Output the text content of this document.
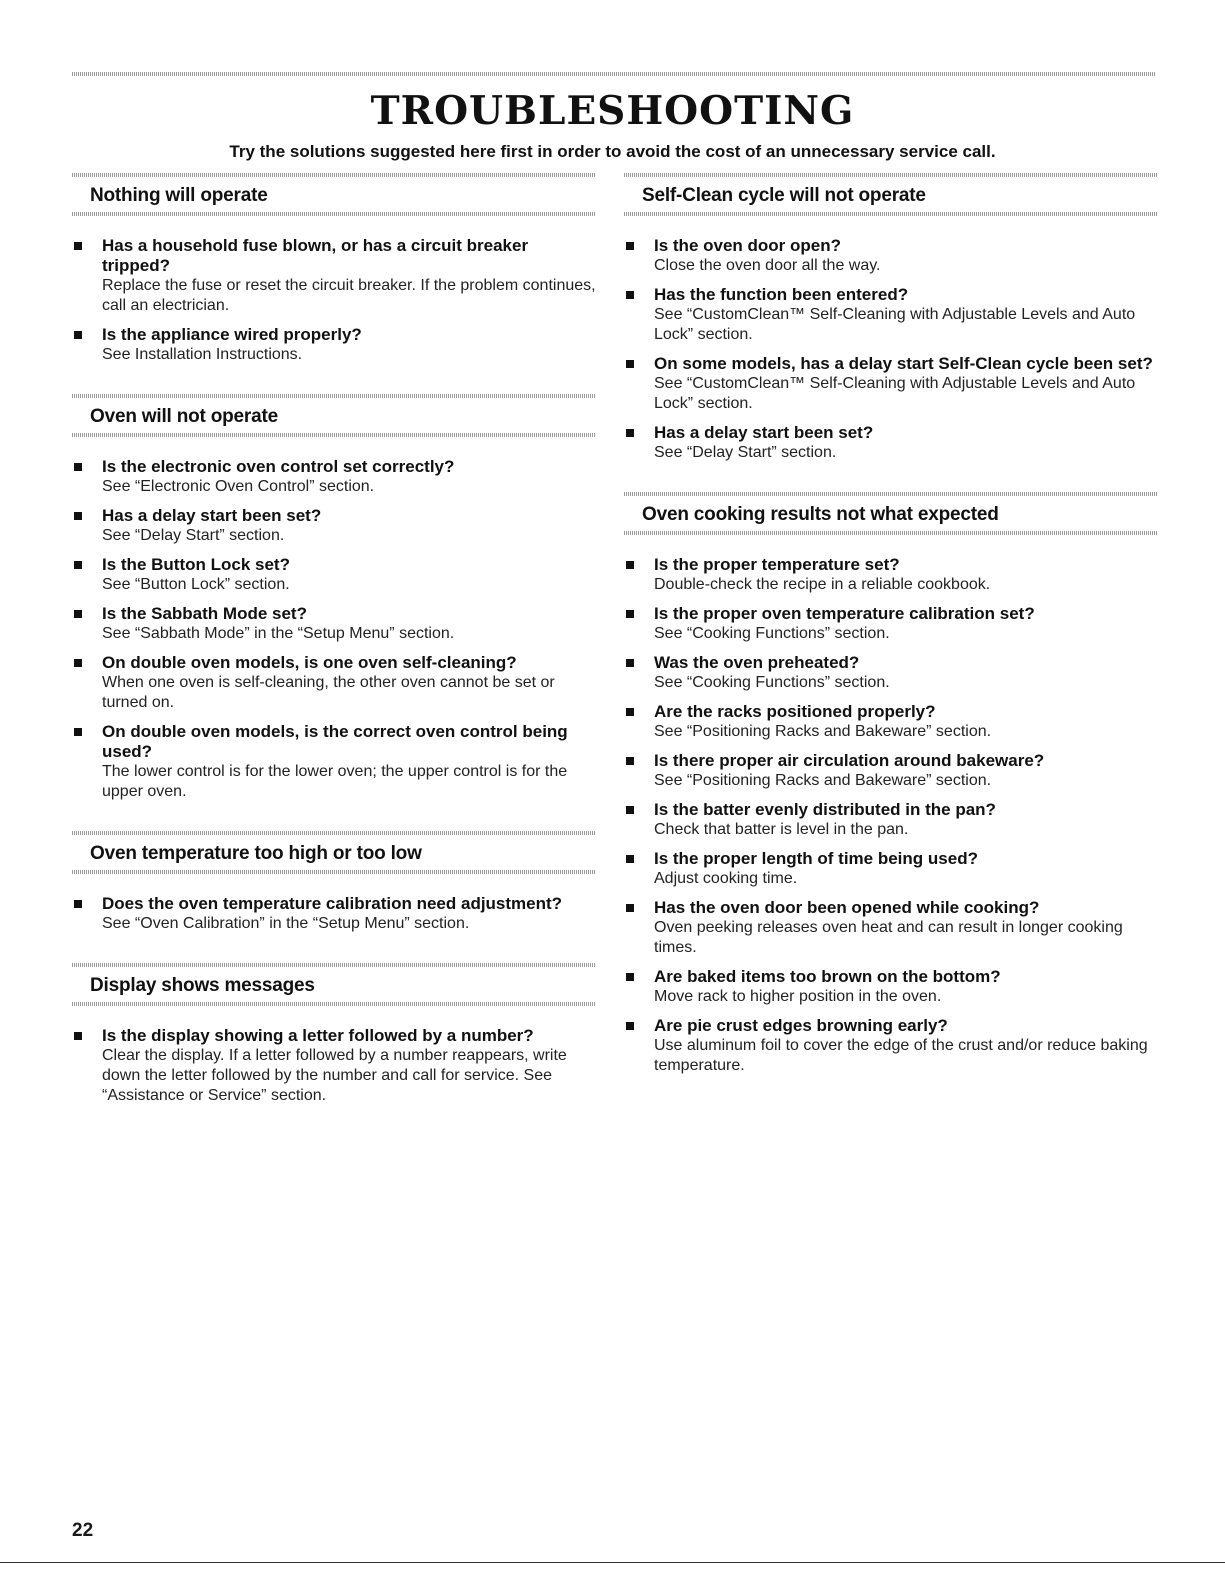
TROUBLESHOOTING

Try the solutions suggested here first in order to avoid the cost of an unnecessary service call.

Nothing will operate
Has a household fuse blown, or has a circuit breaker tripped?
Replace the fuse or reset the circuit breaker. If the problem continues, call an electrician.
Is the appliance wired properly?
See Installation Instructions.
Oven will not operate
Is the electronic oven control set correctly?
See “Electronic Oven Control” section.
Has a delay start been set?
See “Delay Start” section.
Is the Button Lock set?
See “Button Lock” section.
Is the Sabbath Mode set?
See “Sabbath Mode” in the “Setup Menu” section.
On double oven models, is one oven self-cleaning?
When one oven is self-cleaning, the other oven cannot be set or turned on.
On double oven models, is the correct oven control being used?
The lower control is for the lower oven; the upper control is for the upper oven.
Oven temperature too high or too low
Does the oven temperature calibration need adjustment?
See “Oven Calibration” in the “Setup Menu” section.
Display shows messages
Is the display showing a letter followed by a number?
Clear the display. If a letter followed by a number reappears, write down the letter followed by the number and call for service. See “Assistance or Service” section.
Self-Clean cycle will not operate
Is the oven door open?
Close the oven door all the way.
Has the function been entered?
See “CustomClean™ Self-Cleaning with Adjustable Levels and Auto Lock” section.
On some models, has a delay start Self-Clean cycle been set?
See “CustomClean™ Self-Cleaning with Adjustable Levels and Auto Lock” section.
Has a delay start been set?
See “Delay Start” section.
Oven cooking results not what expected
Is the proper temperature set?
Double-check the recipe in a reliable cookbook.
Is the proper oven temperature calibration set?
See “Cooking Functions” section.
Was the oven preheated?
See “Cooking Functions” section.
Are the racks positioned properly?
See “Positioning Racks and Bakeware” section.
Is there proper air circulation around bakeware?
See “Positioning Racks and Bakeware” section.
Is the batter evenly distributed in the pan?
Check that batter is level in the pan.
Is the proper length of time being used?
Adjust cooking time.
Has the oven door been opened while cooking?
Oven peeking releases oven heat and can result in longer cooking times.
Are baked items too brown on the bottom?
Move rack to higher position in the oven.
Are pie crust edges browning early?
Use aluminum foil to cover the edge of the crust and/or reduce baking temperature.

22
